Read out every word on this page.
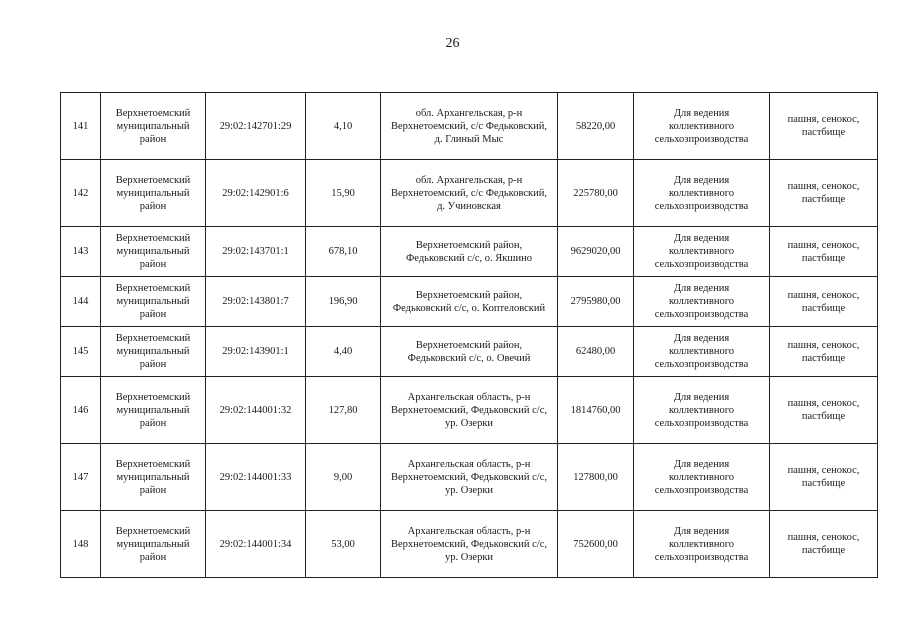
26
141	Верхнетоемский
муниципальный
район	29:02:142701:29	4,10	обл. Архангельская, р-н
Верхнетоемский, с/с Федьковский,
д. Глиный Мыс	58220,00	Для ведения
коллективного
сельхозпроизводства	пашня, сенокос,
пастбище

142	Верхнетоемский
муниципальный
район	29:02:142901:6	15,90	обл. Архангельская, р-н
Верхнетоемский, с/с Федьковский,
д. Учиновская	225780,00	Для ведения
коллективного
сельхозпроизводства	пашня, сенокос,
пастбище

143	Верхнетоемский
муниципальный
район	29:02:143701:1	678,10	Верхнетоемский район,
Федьковский с/с, о. Якшино	9629020,00	Для ведения
коллективного
сельхозпроизводства	пашня, сенокос,
пастбище

144	Верхнетоемский
муниципальный
район	29:02:143801:7	196,90	Верхнетоемский район,
Федьковский с/с, о. Коптеловский	2795980,00	Для ведения
коллективного
сельхозпроизводства	пашня, сенокос,
пастбище

145	Верхнетоемский
муниципальный
район	29:02:143901:1	4,40	Верхнетоемский район,
Федьковский с/с, о. Овечий	62480,00	Для ведения
коллективного
сельхозпроизводства	пашня, сенокос,
пастбище

146	Верхнетоемский
муниципальный
район	29:02:144001:32	127,80	Архангельская область, р-н
Верхнетоемский, Федьковский с/с,
ур. Озерки	1814760,00	Для ведения
коллективного
сельхозпроизводства	пашня, сенокос,
пастбище

147	Верхнетоемский
муниципальный
район	29:02:144001:33	9,00	Архангельская область, р-н
Верхнетоемский, Федьковский с/с,
ур. Озерки	127800,00	Для ведения
коллективного
сельхозпроизводства	пашня, сенокос,
пастбище

148	Верхнетоемский
муниципальный
район	29:02:144001:34	53,00	Архангельская область, р-н
Верхнетоемский, Федьковский с/с,
ур. Озерки	752600,00	Для ведения
коллективного
сельхозпроизводства	пашня, сенокос,
пастбище
